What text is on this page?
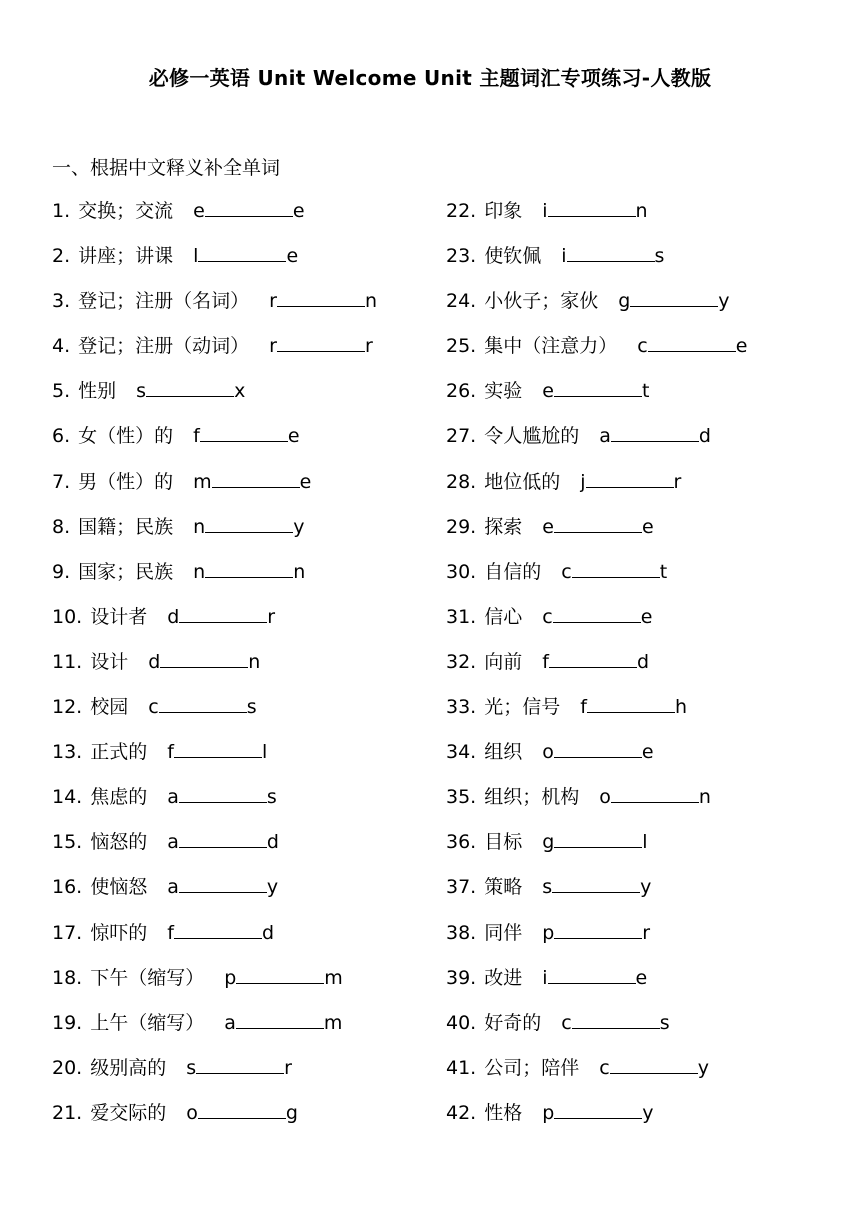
必修一英语 Unit Welcome Unit 主题词汇专项练习-人教版
一、根据中文释义补全单词
1. 交换；交流 e	e
2. 讲座；讲课 l	e
3. 登记；注册（名词） r	n
4. 登记；注册（动词） r	r
5. 性别 s	x
6. 女（性）的 f	e
7. 男（性）的 m	e
8. 国籍；民族 n	y
9. 国家；民族 n	n
10. 设计者 d	r
11. 设计 d	n
12. 校园 c	s
13. 正式的 f	l
14. 焦虑的 a	s
15. 恼怒的 a	d
16. 使恼怒 a	y
17. 惊吓的 f	d
18. 下午（缩写） p	m
19. 上午（缩写） a	m
20. 级别高的 s	r
21. 爱交际的 o	g
22. 印象 i	n
23. 使钦佩 i	s
24. 小伙子；家伙 g	y
25. 集中（注意力） c	e
26. 实验 e	t
27. 令人尴尬的 a	d
28. 地位低的 j	r
29. 探索 e	e
30. 自信的 c	t
31. 信心 c	e
32. 向前 f	d
33. 光；信号 f	h
34. 组织 o	e
35. 组织；机构 o	n
36. 目标 g	l
37. 策略 s	y
38. 同伴 p	r
39. 改进 i	e
40. 好奇的 c	s
41. 公司；陪伴 c	y
42. 性格 p	y
